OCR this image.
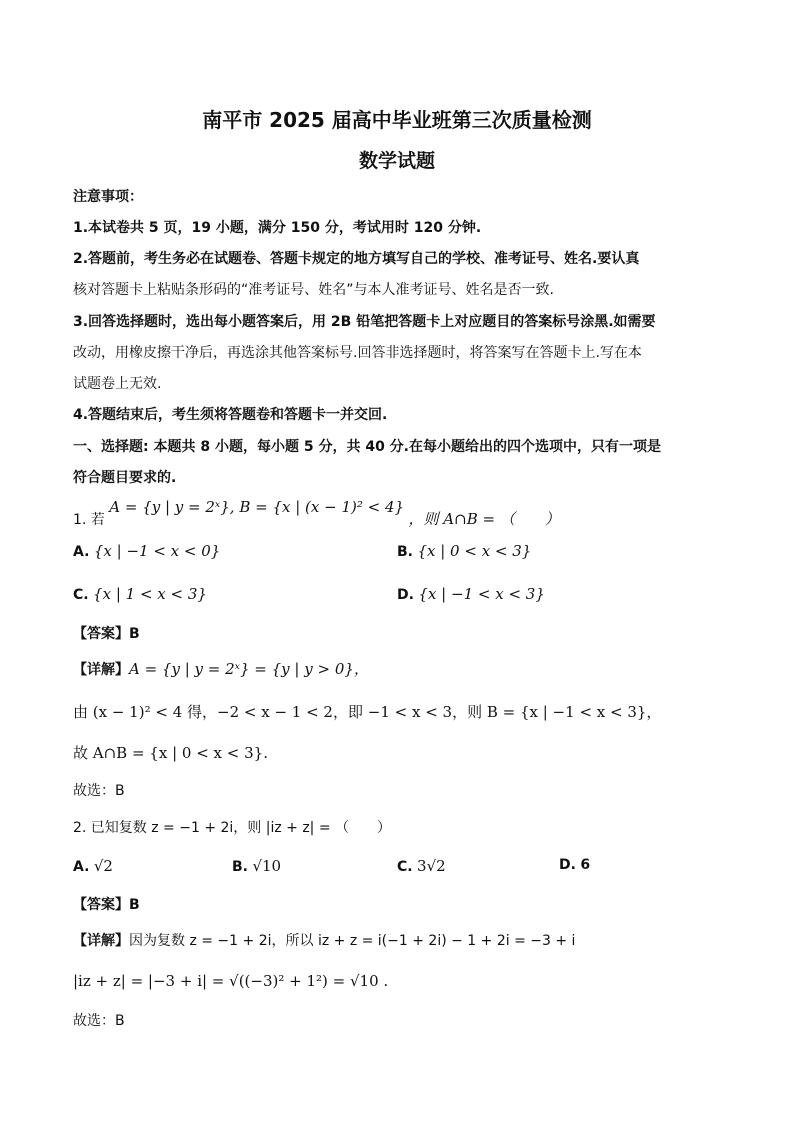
南平市 2025 届高中毕业班第三次质量检测
数学试题
注意事项：
1.本试卷共 5 页，19 小题，满分 150 分，考试用时 120 分钟.
2.答题前，考生务必在试题卷、答题卡规定的地方填写自己的学校、准考证号、姓名.要认真
核对答题卡上粘贴条形码的“准考证号、姓名”与本人准考证号、姓名是否一致.
3.回答选择题时，选出每小题答案后，用 2B 铅笔把答题卡上对应题目的答案标号涂黑.如需要
改动，用橡皮擦干净后，再选涂其他答案标号.回答非选择题时，将答案写在答题卡上.写在本
试题卷上无效.
4.答题结束后，考生须将答题卷和答题卡一并交回.
一、选择题: 本题共 8 小题，每小题 5 分，共 40 分.在每小题给出的四个选项中，只有一项是
符合题目要求的.
1. 若 A = {y | y = 2ˣ}, B = {x | (x − 1)² < 4} ，则 A∩B = （　　）
A. {x | −1 < x < 0}	B. {x | 0 < x < 3}
C. {x | 1 < x < 3}	D. {x | −1 < x < 3}
【答案】B
【详解】A = {y | y = 2ˣ} = {y | y > 0}，
由 (x − 1)² < 4 得，−2 < x − 1 < 2，即 −1 < x < 3，则 B = {x | −1 < x < 3}，
故 A∩B = {x | 0 < x < 3}.
故选：B
2. 已知复数 z = −1 + 2i，则 |iz + z| = （　　）
A. √2	B. √10	C. 3√2	D. 6
【答案】B
【详解】因为复数 z = −1 + 2i，所以 iz + z = i(−1 + 2i) − 1 + 2i = −3 + i
|iz + z| = |−3 + i| = √((−3)² + 1²) = √10 .
故选：B
